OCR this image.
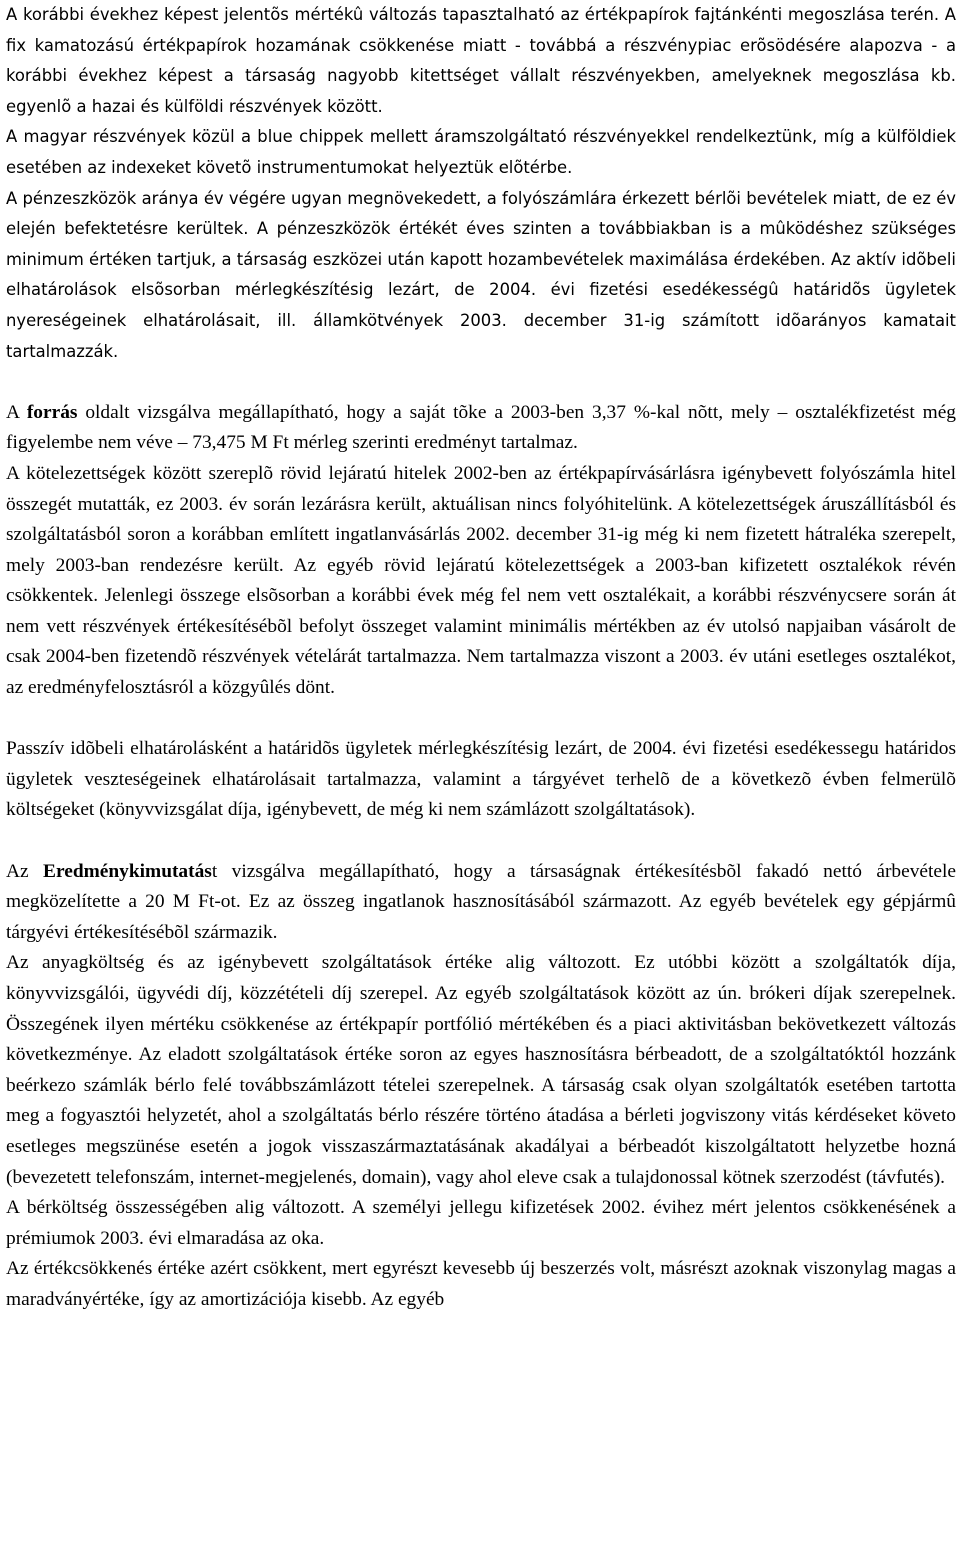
A korábbi évekhez képest jelentõs mértékû változás tapasztalható az értékpapírok fajtánkénti megoszlása terén. A fix kamatozású értékpapírok hozamának csökkenése miatt - továbbá a részvénypiac erõsödésére alapozva - a korábbi évekhez képest a társaság nagyobb kitettséget vállalt részvényekben, amelyeknek megoszlása kb. egyenlõ a hazai és külföldi részvények között.

A magyar részvények közül a blue chippek mellett áramszolgáltató részvényekkel rendelkeztünk, míg a külföldiek esetében az indexeket követõ instrumentumokat helyeztük elõtérbe.

A pénzeszközök aránya év végére ugyan megnövekedett, a folyószámlára érkezett bérlõi bevételek miatt, de ez év elején befektetésre kerültek. A pénzeszközök értékét éves szinten a továbbiakban is a mûködéshez szükséges minimum értéken tartjuk, a társaság eszközei után kapott hozambevételek maximálása érdekében. Az aktív idõbeli elhatárolások elsõsorban mérlegkészítésig lezárt, de 2004. évi fizetési esedékességû határidõs ügyletek nyereségeinek elhatárolásait, ill. államkötvények 2003. december 31-ig számított idõarányos kamatait tartalmazzák.

A forrás oldalt vizsgálva megállapítható, hogy a saját tõke a 2003-ben 3,37 %-kal nõtt, mely – osztalékfizetést még figyelembe nem véve – 73,475 M Ft mérleg szerinti eredményt tartalmaz.

A kötelezettségek között szereplõ rövid lejáratú hitelek 2002-ben az értékpapírvásárlásra igénybevett folyószámla hitel összegét mutatták, ez 2003. év során lezárásra került, aktuálisan nincs folyóhitelünk. A kötelezettségek áruszállításból és szolgáltatásból soron a korábban említett ingatlanvásárlás 2002. december 31-ig még ki nem fizetett hátraléka szerepelt, mely 2003-ban rendezésre került. Az egyéb rövid lejáratú kötelezettségek a 2003-ban kifizetett osztalékok révén csökkentek. Jelenlegi összege elsõsorban a korábbi évek még fel nem vett osztalékait, a korábbi részvénycsere során át nem vett részvények értékesítésébõl befolyt összeget valamint minimális mértékben az év utolsó napjaiban vásárolt de csak 2004-ben fizetendõ részvények vételárát tartalmazza. Nem tartalmazza viszont a 2003. év utáni esetleges osztalékot, az eredményfelosztásról a közgyûlés dönt.

Passzív idõbeli elhatárolásként a határidõs ügyletek mérlegkészítésig lezárt, de 2004. évi fizetési esedékessegu határidos ügyletek veszteségeinek elhatárolásait tartalmazza, valamint a tárgyévet terhelõ de a következõ évben felmerülõ költségeket (könyvvizsgálat díja, igénybevett, de még ki nem számlázott szolgáltatások).

Az Eredménykimutatást vizsgálva megállapítható, hogy a társaságnak értékesítésbõl fakadó nettó árbevétele megközelítette a 20 M Ft-ot. Ez az összeg ingatlanok hasznosításából származott. Az egyéb bevételek egy gépjármû tárgyévi értékesítésébõl származik.

Az anyagköltség és az igénybevett szolgáltatások értéke alig változott. Ez utóbbi között a szolgáltatók díja, könyvvizsgálói, ügyvédi díj, közzétételi díj szerepel. Az egyéb szolgáltatások között az ún. brókeri díjak szerepelnek. Összegének ilyen mértéku csökkenése az értékpapír portfólió mértékében és a piaci aktivitásban bekövetkezett változás következménye. Az eladott szolgáltatások értéke soron az egyes hasznosításra bérbeadott, de a szolgáltatóktól hozzánk beérkezo számlák bérlo felé továbbszámlázott tételei szerepelnek. A társaság csak olyan szolgáltatók esetében tartotta meg a fogyasztói helyzetét, ahol a szolgáltatás bérlo részére történo átadása a bérleti jogviszony vitás kérdéseket követo esetleges megszünése esetén a jogok visszaszármaztatásának akadályai a bérbeadót kiszolgáltatott helyzetbe hozná (bevezetett telefonszám, internet-megjelenés, domain), vagy ahol eleve csak a tulajdonossal kötnek szerzodést (távfutés).

A bérköltség összességében alig változott. A személyi jellegu kifizetések 2002. évihez mért jelentos csökkenésének a prémiumok 2003. évi elmaradása az oka.

Az értékcsökkenés értéke azért csökkent, mert egyrészt kevesebb új beszerzés volt, másrészt azoknak viszonylag magas a maradványértéke, így az amortizációja kisebb. Az egyéb
